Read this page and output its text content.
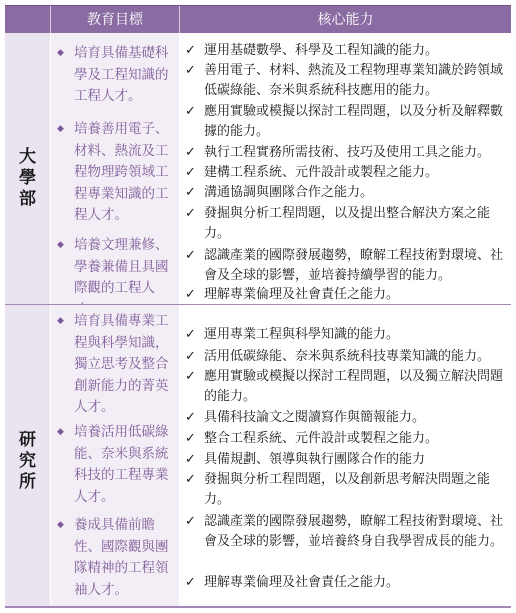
教育目標	核心能力
大
學
部
◆ 培育具備基礎科學及工程知識的工程人才。
◆ 培養善用電子、材料、熱流及工程物理跨領域工程專業知識的工程人才。
◆ 培養文理兼修、學養兼備且具國際觀的工程人
✓ 運用基礎數學、科學及工程知識的能力。
✓ 善用電子、材料、熱流及工程物理專業知識於跨領域低碳綠能、奈米與系統科技應用的能力。
✓ 應用實驗或模擬以探討工程問題，以及分析及解釋數據的能力。
✓ 執行工程實務所需技術、技巧及使用工具之能力。
✓ 建構工程系統、元件設計或製程之能力。
✓ 溝通協調與團隊合作之能力。
✓ 發掘與分析工程問題，以及提出整合解決方案之能力。
✓ 認識產業的國際發展趨勢，瞭解工程技術對環境、社會及全球的影響，並培養持續學習的能力。
✓ 理解專業倫理及社會責任之能力。
研
究
所
◆ 培育具備專業工程與科學知識，獨立思考及整合創新能力的菁英人才。
◆ 培養活用低碳綠能、奈米與系統科技的工程專業人才。
◆ 養成具備前瞻性、國際觀與團隊精神的工程領袖人才。
✓ 運用專業工程與科學知識的能力。
✓ 活用低碳綠能、奈米與系統科技專業知識的能力。
✓ 應用實驗或模擬以探討工程問題，以及獨立解決問題的能力。
✓ 具備科技論文之閱讀寫作與簡報能力。
✓ 整合工程系統、元件設計或製程之能力。
✓ 具備規劃、領導與執行團隊合作的能力
✓ 發掘與分析工程問題，以及創新思考解決問題之能力。
✓ 認識產業的國際發展趨勢，瞭解工程技術對環境、社會及全球的影響，並培養終身自我學習成長的能力。
✓ 理解專業倫理及社會責任之能力。
